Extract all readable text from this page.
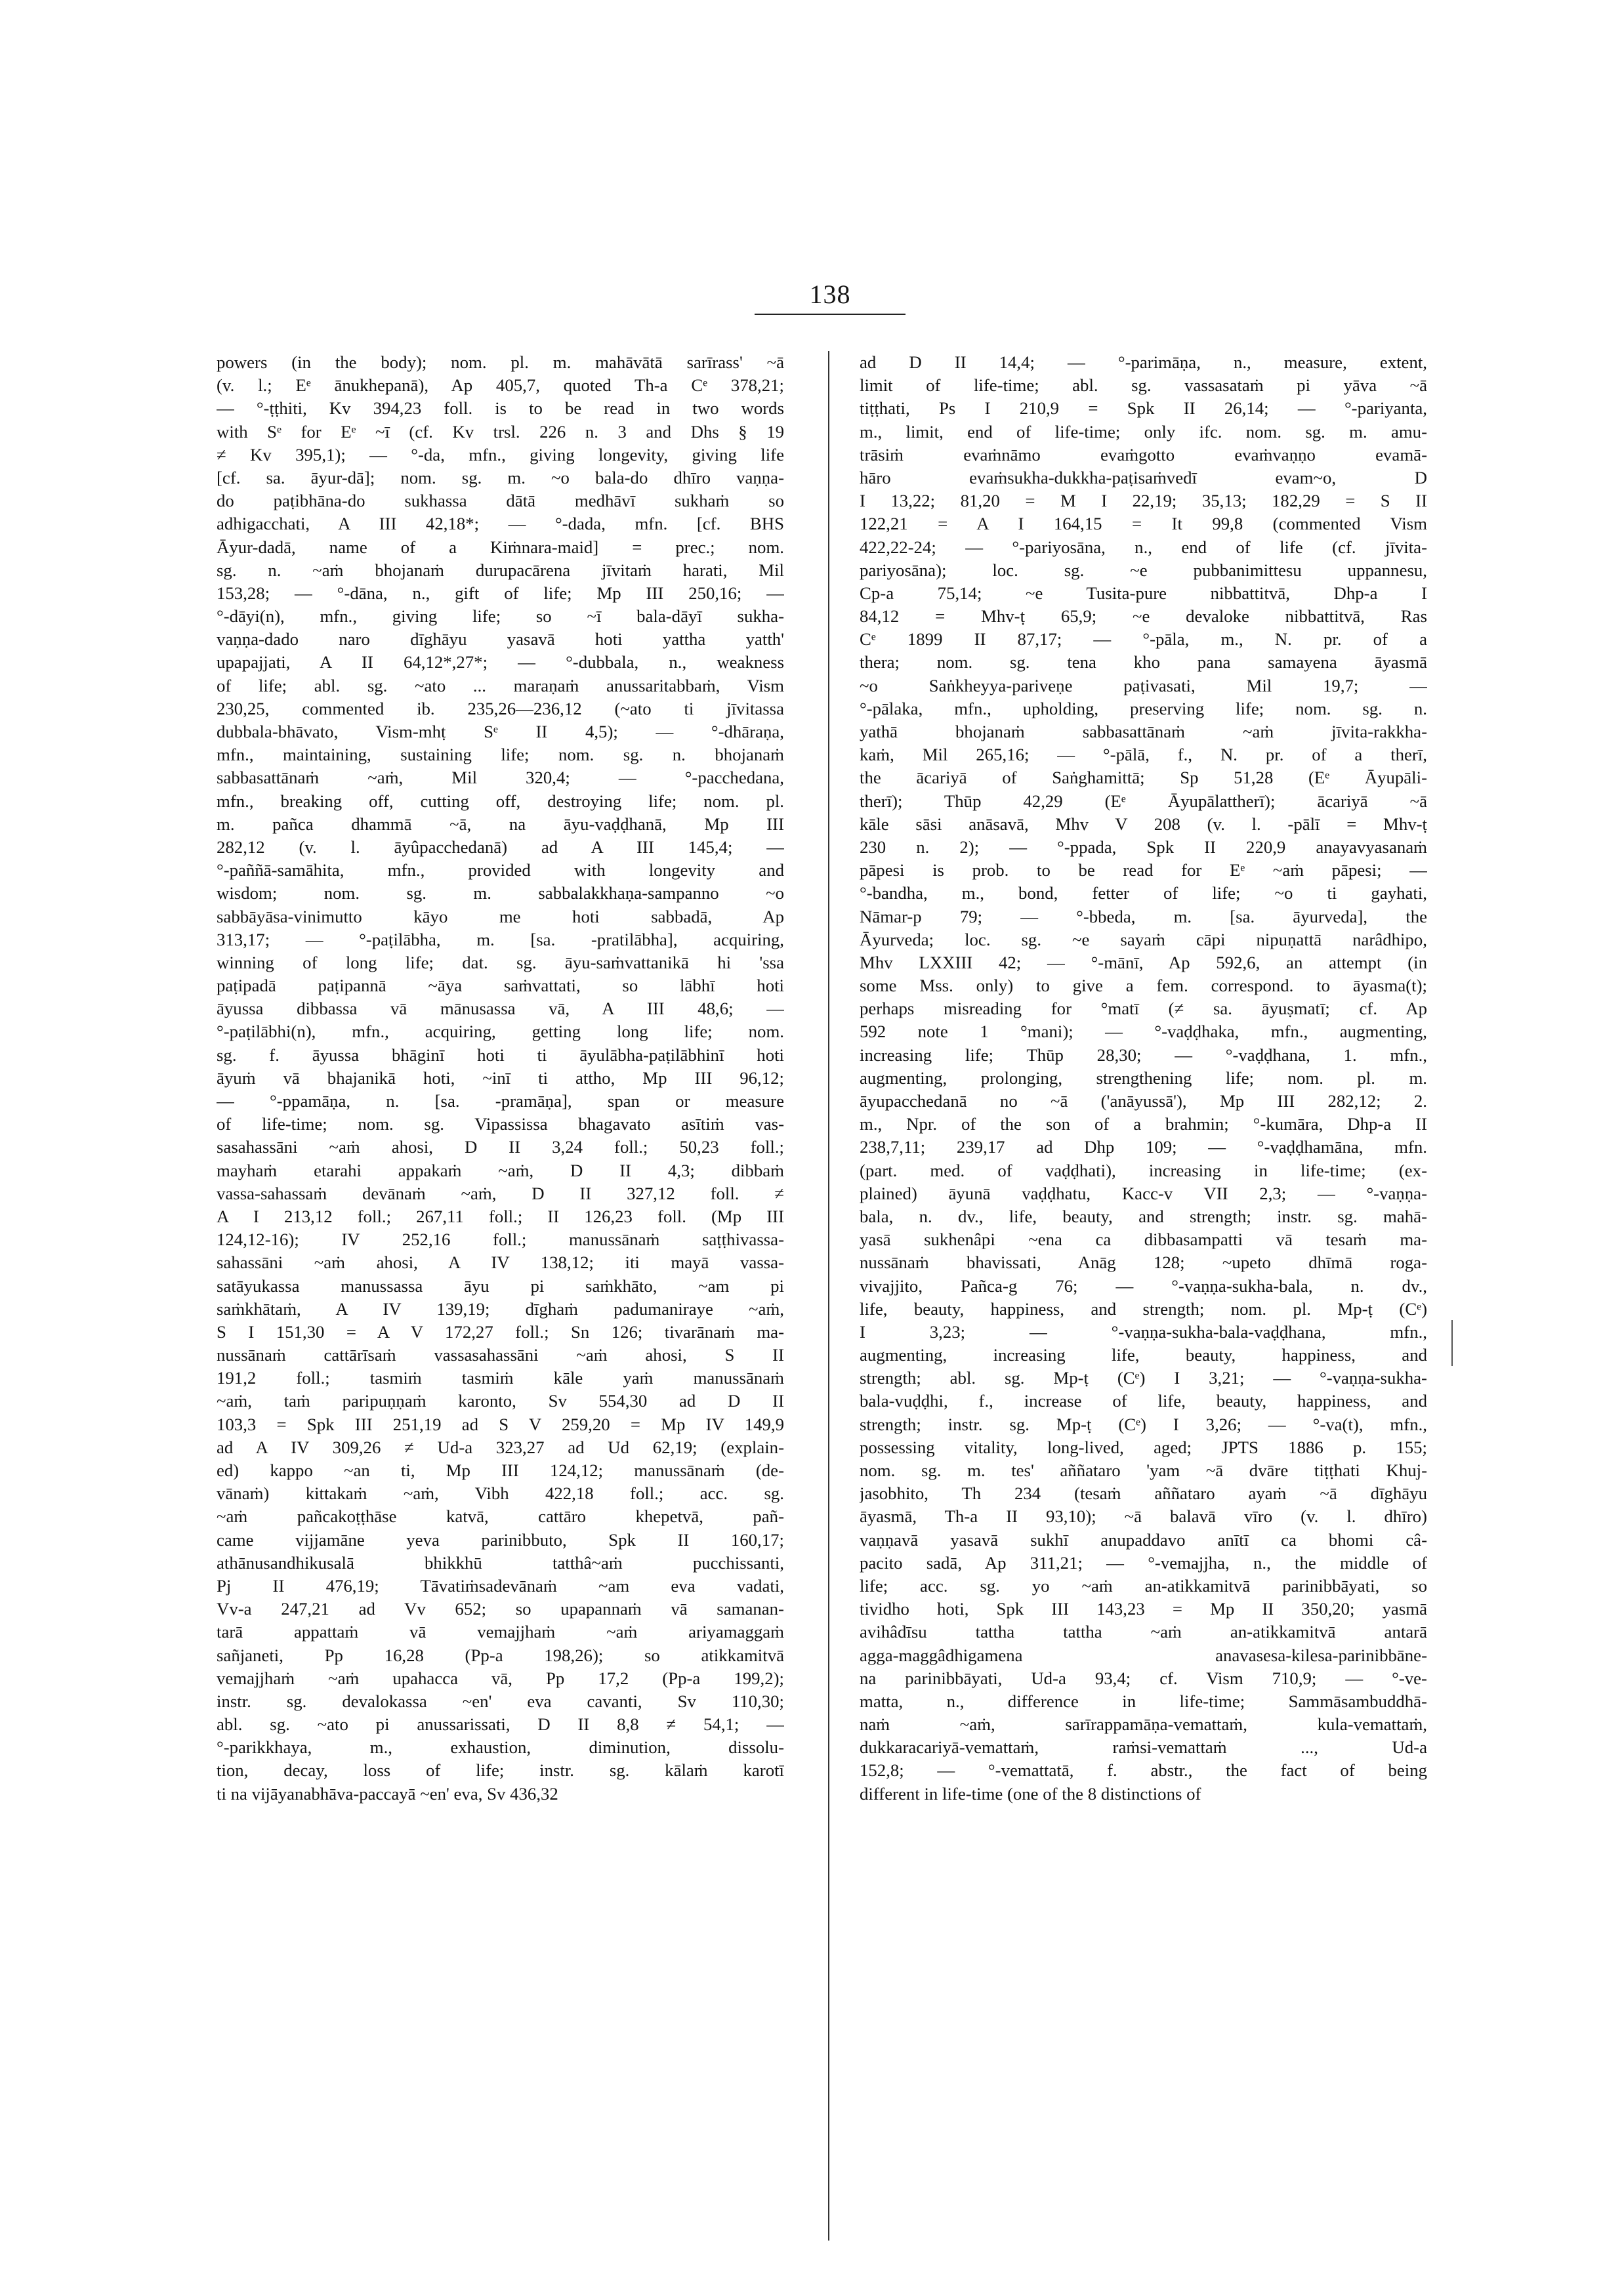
138
powers (in the body); nom. pl. m. mahāvātā sarīrass' ~ā
(v. l.; Eᵉ ānukhepanā), Ap 405,7, quoted Th-a Cᵉ 378,21;
— °-ṭṭhiti, Kv 394,23 foll. is to be read in two words
with Sᵉ for Eᵉ ~ī (cf. Kv trsl. 226 n. 3 and Dhs § 19
≠ Kv 395,1); — °-da, mfn., giving longevity, giving life
[cf. sa. āyur-dā]; nom. sg. m. ~o bala-do dhīro vaṇṇa-
do paṭibhāna-do sukhassa dātā medhāvī sukhaṁ so
adhigacchati, A III 42,18*; — °-dada, mfn. [cf. BHS
Āyur-dadā, name of a Kiṁnara-maid] = prec.; nom.
sg. n. ~aṁ bhojanaṁ durupacārena jīvitaṁ harati, Mil
153,28; — °-dāna, n., gift of life; Mp III 250,16; —
°-dāyi(n), mfn., giving life; so ~ī bala-dāyī sukha-
vaṇṇa-dado naro dīghāyu yasavā hoti yattha yatth'
upapajjati, A II 64,12*,27*; — °-dubbala, n., weakness
of life; abl. sg. ~ato ... maraṇaṁ anussaritabbaṁ, Vism
230,25, commented ib. 235,26—236,12 (~ato ti jīvitassa
dubbala-bhāvato, Vism-mhṭ Sᵉ II 4,5); — °-dhāraṇa,
mfn., maintaining, sustaining life; nom. sg. n. bhojanaṁ
sabbasattānaṁ ~aṁ, Mil 320,4; — °-pacchedana,
mfn., breaking off, cutting off, destroying life; nom. pl.
m. pañca dhammā ~ā, na āyu-vaḍḍhanā, Mp III
282,12 (v. l. āyûpacchedanā) ad A III 145,4; —
°-paññā-samāhita, mfn., provided with longevity and
wisdom; nom. sg. m. sabbalakkhaṇa-sampanno ~o
sabbāyāsa-vinimutto kāyo me hoti sabbadā, Ap
313,17; — °-paṭilābha, m. [sa. -pratilābha], acquiring,
winning of long life; dat. sg. āyu-saṁvattanikā hi 'ssa
paṭipadā paṭipannā ~āya saṁvattati, so lābhī hoti
āyussa dibbassa vā mānusassa vā, A III 48,6; —
°-paṭilābhi(n), mfn., acquiring, getting long life; nom.
sg. f. āyussa bhāginī hoti ti āyulābha-paṭilābhinī hoti
āyuṁ vā bhajanikā hoti, ~inī ti attho, Mp III 96,12;
— °-ppamāṇa, n. [sa. -pramāṇa], span or measure
of life-time; nom. sg. Vipassissa bhagavato asītiṁ vas-
sasahassāni ~aṁ ahosi, D II 3,24 foll.; 50,23 foll.;
mayhaṁ etarahi appakaṁ ~aṁ, D II 4,3; dibbaṁ
vassa-sahassaṁ devānaṁ ~aṁ, D II 327,12 foll. ≠
A I 213,12 foll.; 267,11 foll.; II 126,23 foll. (Mp III
124,12-16); IV 252,16 foll.; manussānaṁ saṭṭhivassa-
sahassāni ~aṁ ahosi, A IV 138,12; iti mayā vassa-
satāyukassa manussassa āyu pi saṁkhāto, ~am pi
saṁkhātaṁ, A IV 139,19; dīghaṁ padumaniraye ~aṁ,
S I 151,30 = A V 172,27 foll.; Sn 126; tivarānaṁ ma-
nussānaṁ cattārīsaṁ vassasahassāni ~aṁ ahosi, S II
191,2 foll.; tasmiṁ tasmiṁ kāle yaṁ manussānaṁ
~aṁ, taṁ paripuṇṇaṁ karonto, Sv 554,30 ad D II
103,3 = Spk III 251,19 ad S V 259,20 = Mp IV 149,9
ad A IV 309,26 ≠ Ud-a 323,27 ad Ud 62,19; (explain-
ed) kappo ~an ti, Mp III 124,12; manussānaṁ (de-
vānaṁ) kittakaṁ ~aṁ, Vibh 422,18 foll.; acc. sg.
~aṁ pañcakoṭṭhāse katvā, cattāro khepetvā, pañ-
came vijjamāne yeva parinibbuto, Spk II 160,17;
athānusandhikusalā bhikkhū tatthâ~aṁ pucchissanti,
Pj II 476,19; Tāvatiṁsadevānaṁ ~am eva vadati,
Vv-a 247,21 ad Vv 652; so upapannaṁ vā samanan-
tarā appattaṁ vā vemajjhaṁ ~aṁ ariyamaggaṁ
sañjaneti, Pp 16,28 (Pp-a 198,26); so atikkamitvā
vemajjhaṁ ~aṁ upahacca vā, Pp 17,2 (Pp-a 199,2);
instr. sg. devalokassa ~en' eva cavanti, Sv 110,30;
abl. sg. ~ato pi anussarissati, D II 8,8 ≠ 54,1; —
°-parikkhaya, m., exhaustion, diminution, dissolu-
tion, decay, loss of life; instr. sg. kālaṁ karotī
ti na vijāyanabhāva-paccayā ~en' eva, Sv 436,32
ad D II 14,4; — °-parimāṇa, n., measure, extent,
limit of life-time; abl. sg. vassasataṁ pi yāva ~ā
tiṭṭhati, Ps I 210,9 = Spk II 26,14; — °-pariyanta,
m., limit, end of life-time; only ifc. nom. sg. m. amu-
trāsiṁ evaṁnāmo evaṁgotto evaṁvaṇṇo evamā-
hāro evaṁsukha-dukkha-paṭisaṁvedī evam~o, D
I 13,22; 81,20 = M I 22,19; 35,13; 182,29 = S II
122,21 = A I 164,15 = It 99,8 (commented Vism
422,22-24; — °-pariyosāna, n., end of life (cf. jīvita-
pariyosāna); loc. sg. ~e pubbanimittesu uppannesu,
Cp-a 75,14; ~e Tusita-pure nibbattitvā, Dhp-a I
84,12 = Mhv-ṭ 65,9; ~e devaloke nibbattitvā, Ras
Cᵉ 1899 II 87,17; — °-pāla, m., N. pr. of a
thera; nom. sg. tena kho pana samayena āyasmā
~o Saṅkheyya-pariveṇe paṭivasati, Mil 19,7; —
°-pālaka, mfn., upholding, preserving life; nom. sg. n.
yathā bhojanaṁ sabbasattānaṁ ~aṁ jīvita-rakkha-
kaṁ, Mil 265,16; — °-pālā, f., N. pr. of a therī,
the ācariyā of Saṅghamittā; Sp 51,28 (Eᵉ Āyupāli-
therī); Thūp 42,29 (Eᵉ Āyupālattherī); ācariyā ~ā
kāle sāsi anāsavā, Mhv V 208 (v. l. -pālī = Mhv-ṭ
230 n. 2); — °-ppada, Spk II 220,9 anayavyasanaṁ
pāpesi is prob. to be read for Eᵉ ~aṁ pāpesi; —
°-bandha, m., bond, fetter of life; ~o ti gayhati,
Nāmar-p 79; — °-bbeda, m. [sa. āyurveda], the
Āyurveda; loc. sg. ~e sayaṁ cāpi nipuṇattā narâdhipo,
Mhv LXXIII 42; — °-mānī, Ap 592,6, an attempt (in
some Mss. only) to give a fem. correspond. to āyasma(t);
perhaps misreading for °matī (≠ sa. āyuṣmatī; cf. Ap
592 note 1 °mani); — °-vaḍḍhaka, mfn., augmenting,
increasing life; Thūp 28,30; — °-vaḍḍhana, 1. mfn.,
augmenting, prolonging, strengthening life; nom. pl. m.
āyupacchedanā no ~ā ('anāyussā'), Mp III 282,12; 2.
m., Npr. of the son of a brahmin; °-kumāra, Dhp-a II
238,7,11; 239,17 ad Dhp 109; — °-vaḍḍhamāna, mfn.
(part. med. of vaḍḍhati), increasing in life-time; (ex-
plained) āyunā vaḍḍhatu, Kacc-v VII 2,3; — °-vaṇṇa-
bala, n. dv., life, beauty, and strength; instr. sg. mahā-
yasā sukhenâpi ~ena ca dibbasampatti vā tesaṁ ma-
nussānaṁ bhavissati, Anāg 128; ~upeto dhīmā roga-
vivajjito, Pañca-g 76; — °-vaṇṇa-sukha-bala, n. dv.,
life, beauty, happiness, and strength; nom. pl. Mp-ṭ (Cᵉ)
I 3,23; — °-vaṇṇa-sukha-bala-vaḍḍhana, mfn.,
augmenting, increasing life, beauty, happiness, and
strength; abl. sg. Mp-ṭ (Cᵉ) I 3,21; — °-vaṇṇa-sukha-
bala-vuḍḍhi, f., increase of life, beauty, happiness, and
strength; instr. sg. Mp-ṭ (Cᵉ) I 3,26; — °-va(t), mfn.,
possessing vitality, long-lived, aged; JPTS 1886 p. 155;
nom. sg. m. tes' aññataro 'yam ~ā dvāre tiṭṭhati Khuj-
jasobhito, Th 234 (tesaṁ aññataro ayaṁ ~ā dīghāyu
āyasmā, Th-a II 93,10); ~ā balavā vīro (v. l. dhīro)
vaṇṇavā yasavā sukhī anupaddavo anītī ca bhomi câ-
pacito sadā, Ap 311,21; — °-vemajjha, n., the middle of
life; acc. sg. yo ~aṁ an-atikkamitvā parinibbāyati, so
tividho hoti, Spk III 143,23 = Mp II 350,20; yasmā
avihâdīsu tattha tattha ~aṁ an-atikkamitvā antarā
agga-maggâdhigamena anavasesa-kilesa-parinibbāne-
na parinibbāyati, Ud-a 93,4; cf. Vism 710,9; — °-ve-
matta, n., difference in life-time; Sammāsambuddhā-
naṁ ~aṁ, sarīrappamāṇa-vemattaṁ, kula-vemattaṁ,
dukkaracariyā-vemattaṁ, raṁsi-vemattaṁ ..., Ud-a
152,8; — °-vemattatā, f. abstr., the fact of being
different in life-time (one of the 8 distinctions of
